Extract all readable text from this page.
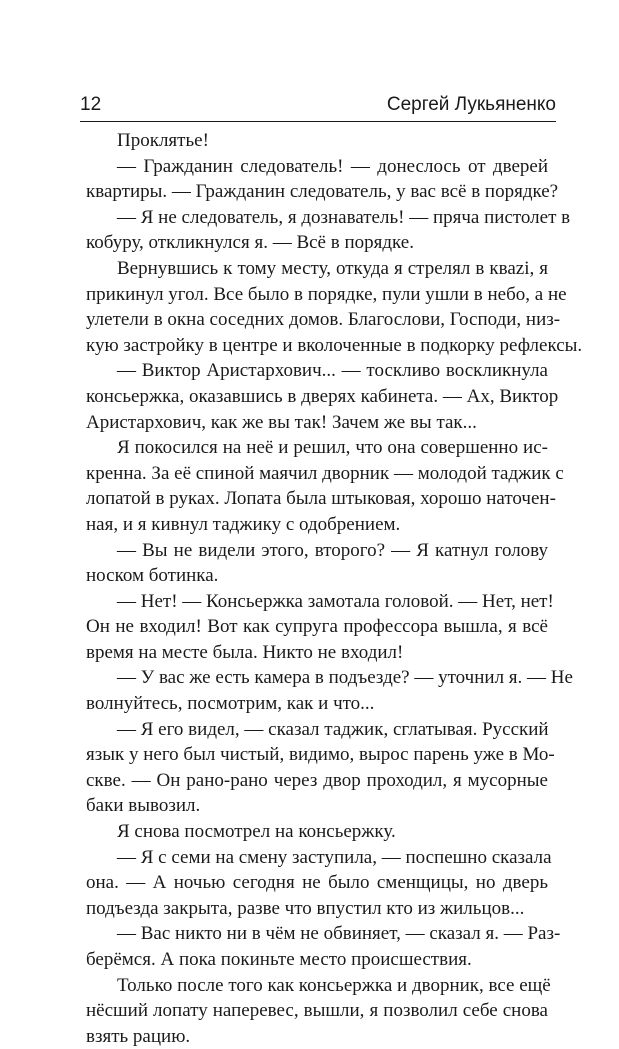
12	Сергей Лукьяненко
Проклятье!
— Гражданин следователь! — донеслось от дверей
квартиры. — Гражданин следователь, у вас всё в порядке?
— Я не следователь, я дознаватель! — пряча пистолет в
кобуру, откликнулся я. — Всё в порядке.
Вернувшись к тому месту, откуда я стрелял в кваzi, я
прикинул угол. Все было в порядке, пули ушли в небо, а не
улетели в окна соседних домов. Благослови, Господи, низ-
кую застройку в центре и вколоченные в подкорку рефлексы.
— Виктор Аристархович... — тоскливо воскликнула
консьержка, оказавшись в дверях кабинета. — Ах, Виктор
Аристархович, как же вы так! Зачем же вы так...
Я покосился на неё и решил, что она совершенно ис-
кренна. За её спиной маячил дворник — молодой таджик с
лопатой в руках. Лопата была штыковая, хорошо наточен-
ная, и я кивнул таджику с одобрением.
— Вы не видели этого, второго? — Я катнул голову
носком ботинка.
— Нет! — Консьержка замотала головой. — Нет, нет!
Он не входил! Вот как супруга профессора вышла, я всё
время на месте была. Никто не входил!
— У вас же есть камера в подъезде? — уточнил я. — Не
волнуйтесь, посмотрим, как и что...
— Я его видел, — сказал таджик, сглатывая. Русский
язык у него был чистый, видимо, вырос парень уже в Мо-
скве. — Он рано-рано через двор проходил, я мусорные
баки вывозил.
Я снова посмотрел на консьержку.
— Я с семи на смену заступила, — поспешно сказала
она. — А ночью сегодня не было сменщицы, но дверь
подъезда закрыта, разве что впустил кто из жильцов...
— Вас никто ни в чём не обвиняет, — сказал я. — Раз-
берёмся. А пока покиньте место происшествия.
Только после того как консьержка и дворник, все ещё
нёсший лопату наперевес, вышли, я позволил себе снова
взять рацию.
